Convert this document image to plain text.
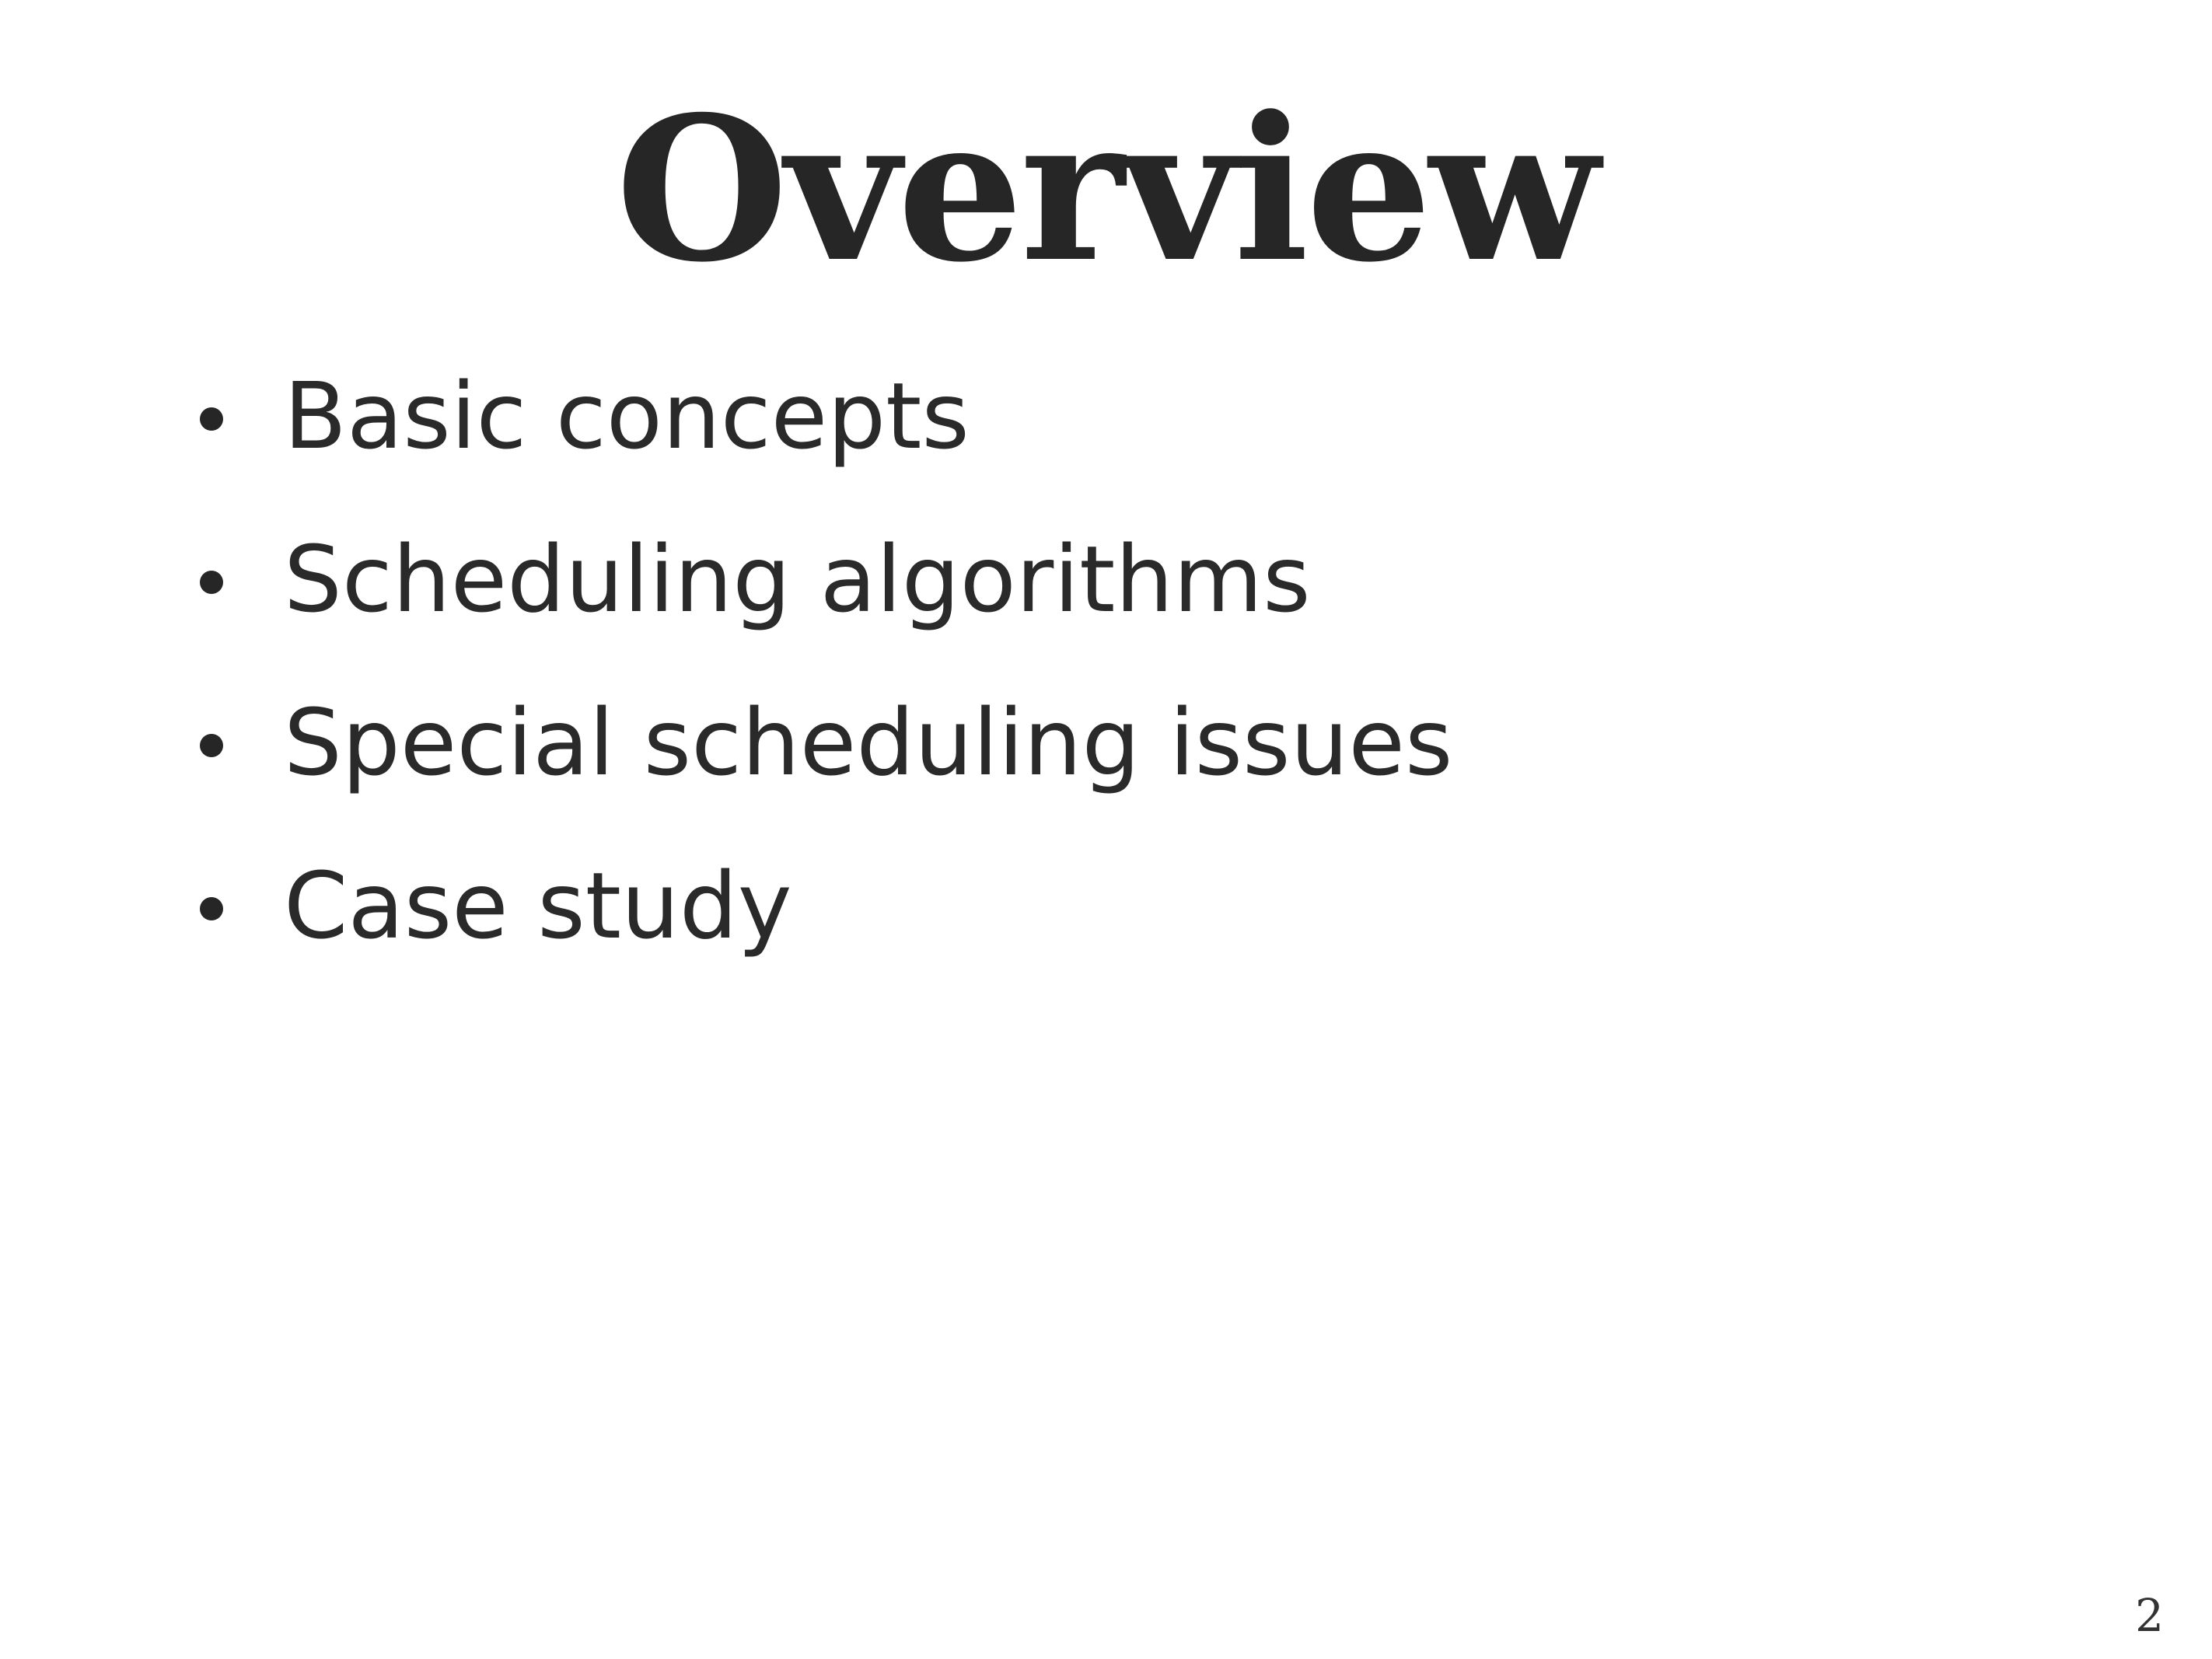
Overview
Basic concepts
Scheduling algorithms
Special scheduling issues
Case study
2
